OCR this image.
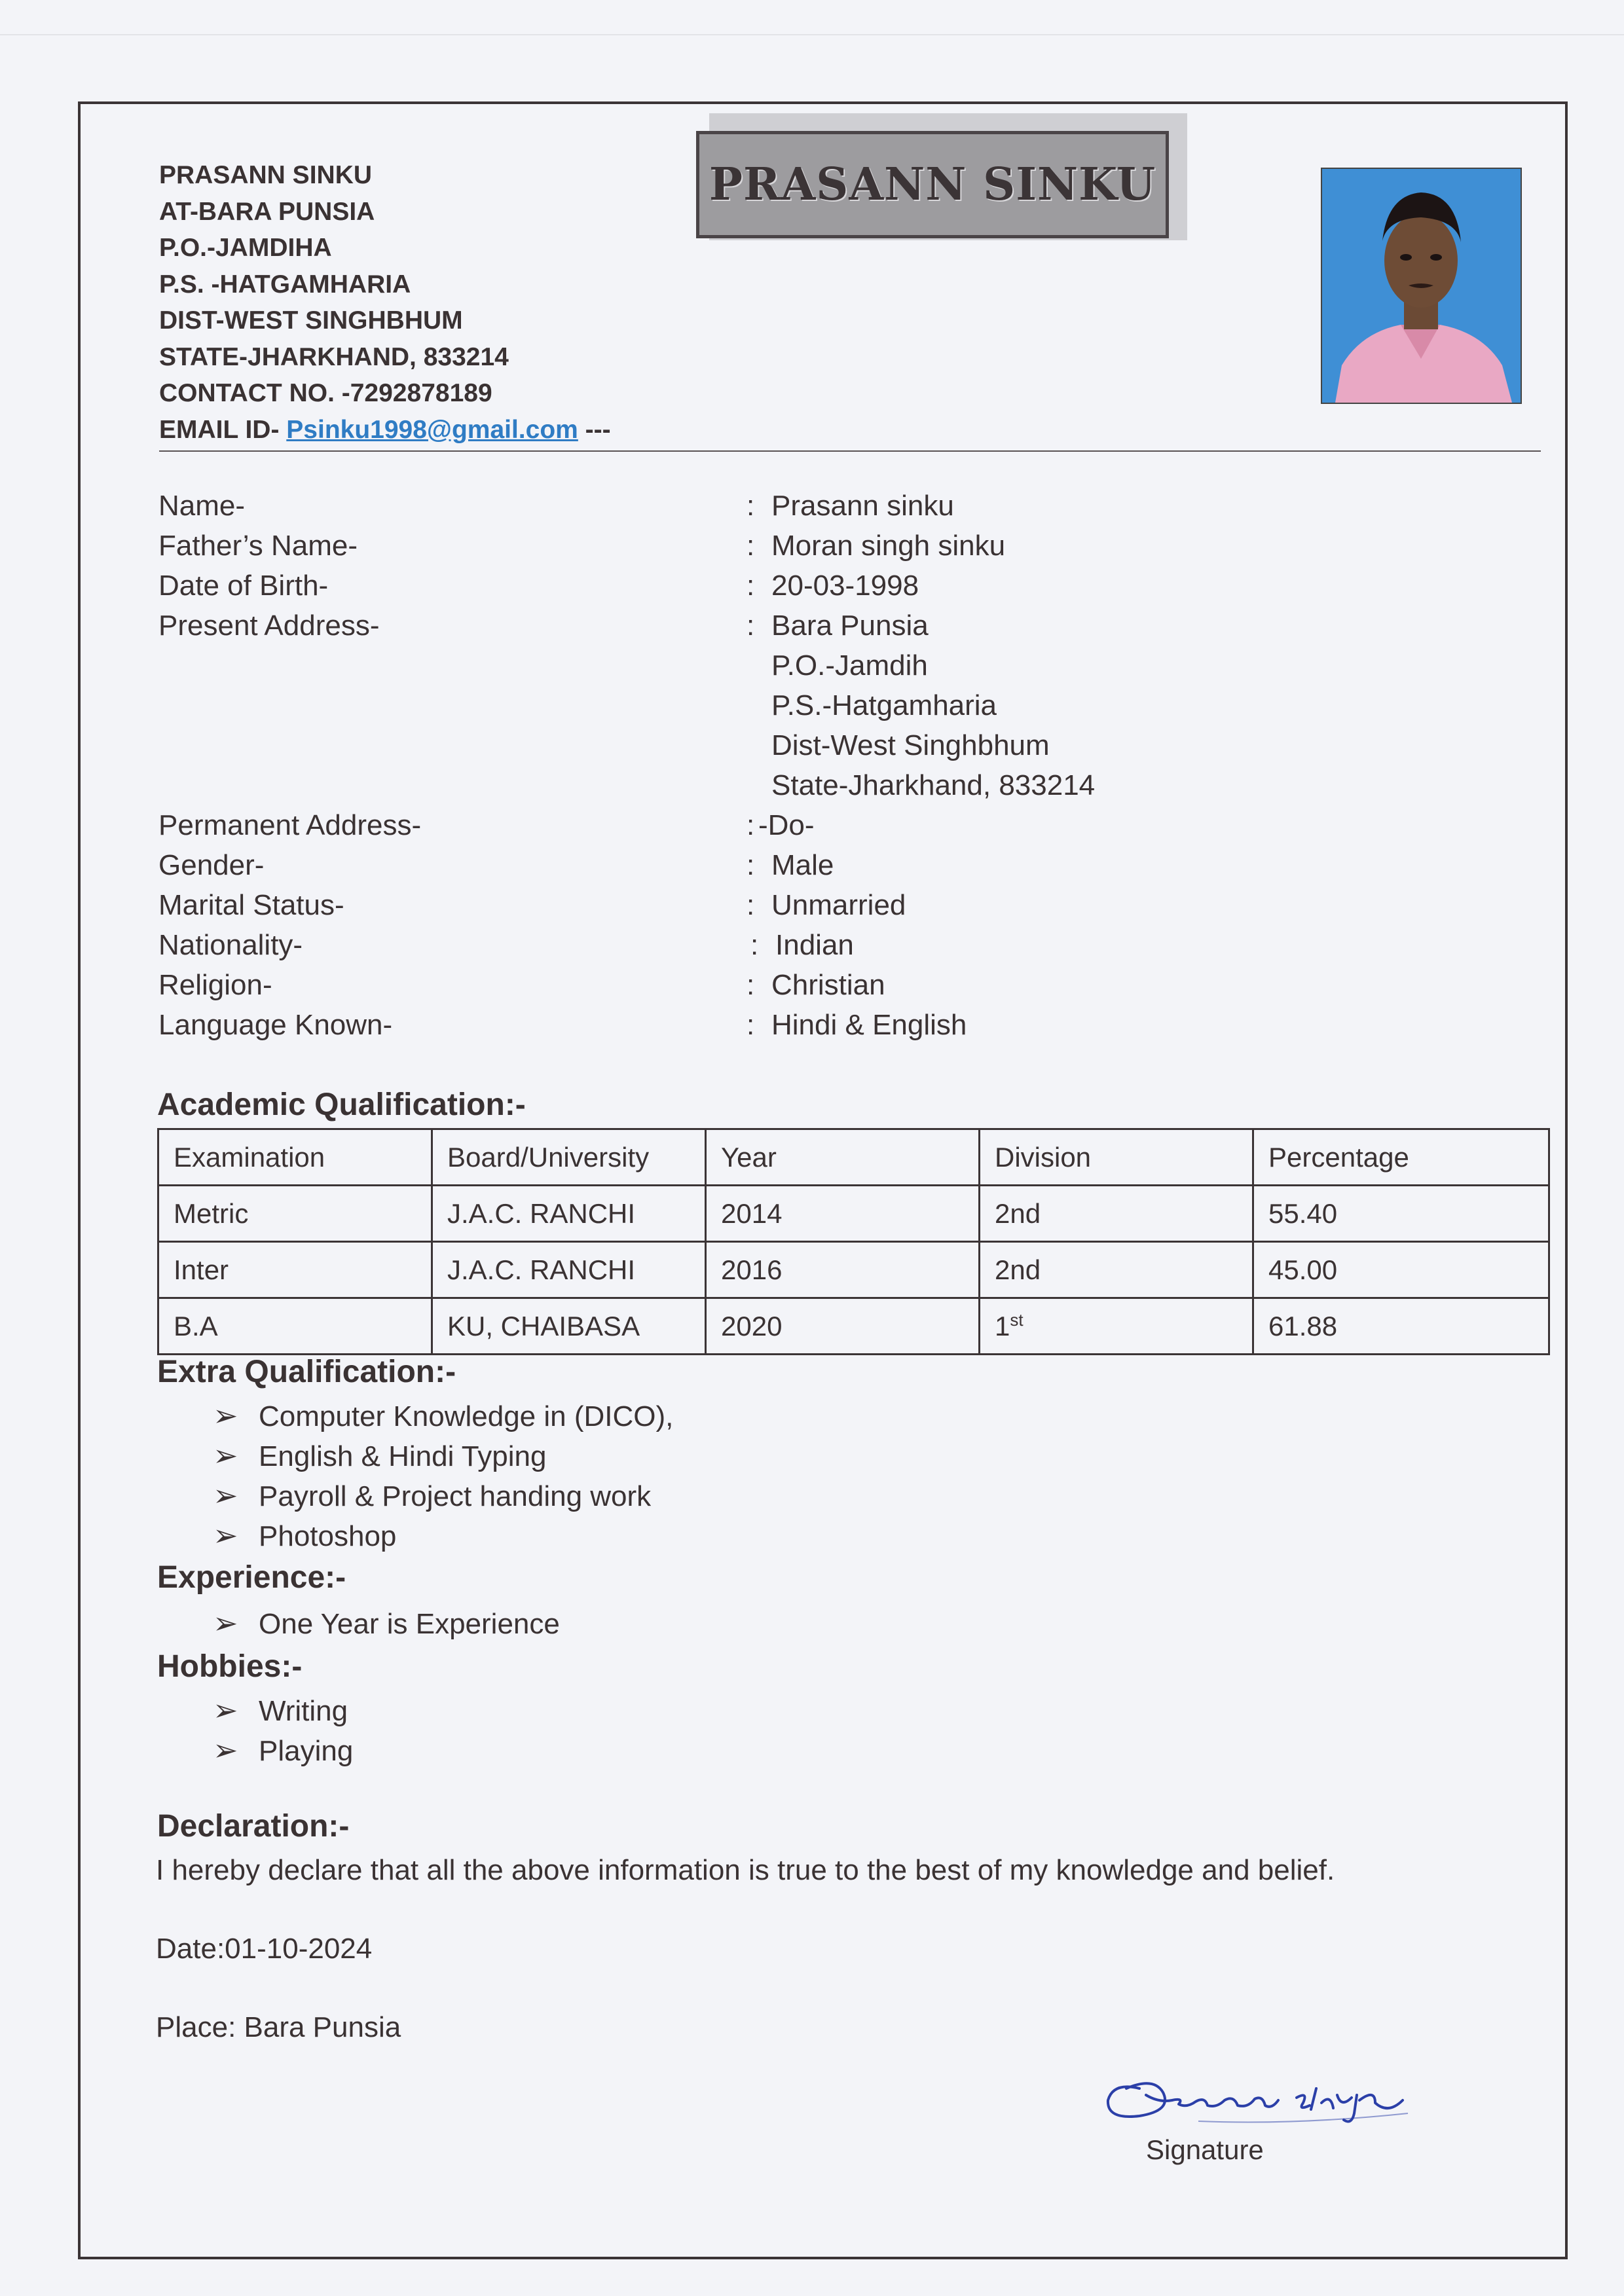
PRASANN SINKU
AT-BARA PUNSIA
P.O.-JAMDIHA
P.S. -HATGAMHARIA
DIST-WEST SINGHBHUM
STATE-JHARKHAND, 833214
CONTACT NO. -7292878189
EMAIL ID- Psinku1998@gmail.com ---
PRASANN SINKU
Name-	: Prasann sinku
Father’s Name-	: Moran singh sinku
Date of Birth-	: 20-03-1998
Present Address-	: Bara Punsia
P.O.-Jamdih
P.S.-Hatgamharia
Dist-West Singhbhum
State-Jharkhand, 833214
Permanent Address-	: -Do-
Gender-	: Male
Marital Status-	: Unmarried
Nationality-	: Indian
Religion-	: Christian
Language Known-	: Hindi & English
Academic Qualification:-
Examination	Board/University	Year	Division	Percentage
Metric	J.A.C. RANCHI	2014	2nd	55.40
Inter	J.A.C. RANCHI	2016	2nd	45.00
B.A	KU, CHAIBASA	2020	1st	61.88
Extra Qualification:-
➢ Computer Knowledge in (DICO),
➢ English & Hindi Typing
➢ Payroll & Project handing work
➢ Photoshop
Experience:-
➢ One Year is Experience
Hobbies:-
➢ Writing
➢ Playing
Declaration:-
I hereby declare that all the above information is true to the best of my knowledge and belief.
Date:01-10-2024
Place: Bara Punsia
Signature
